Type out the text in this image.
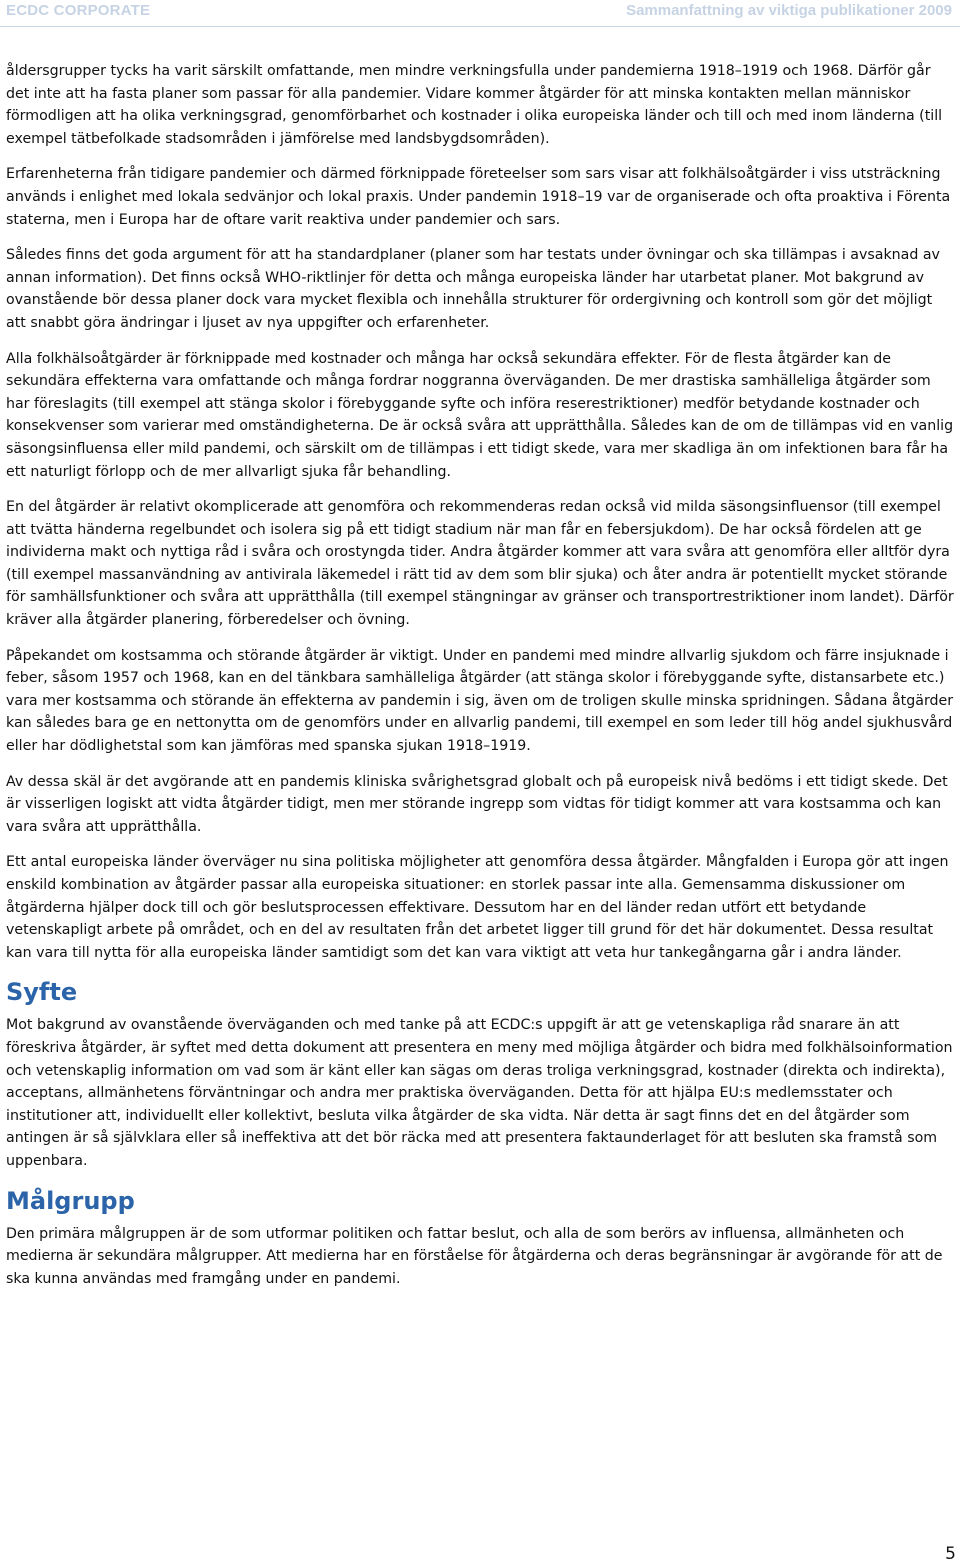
ECDC CORPORATE	Sammanfattning av viktiga publikationer 2009

åldersgrupper tycks ha varit särskilt omfattande, men mindre verkningsfulla under pandemierna 1918–1919 och 1968. Därför går det inte att ha fasta planer som passar för alla pandemier. Vidare kommer åtgärder för att minska kontakten mellan människor förmodligen att ha olika verkningsgrad, genomförbarhet och kostnader i olika europeiska länder och till och med inom länderna (till exempel tätbefolkade stadsområden i jämförelse med landsbygdsområden).

Erfarenheterna från tidigare pandemier och därmed förknippade företeelser som sars visar att folkhälsoåtgärder i viss utsträckning används i enlighet med lokala sedvänjor och lokal praxis. Under pandemin 1918–19 var de organiserade och ofta proaktiva i Förenta staterna, men i Europa har de oftare varit reaktiva under pandemier och sars.

Således finns det goda argument för att ha standardplaner (planer som har testats under övningar och ska tillämpas i avsaknad av annan information). Det finns också WHO-riktlinjer för detta och många europeiska länder har utarbetat planer. Mot bakgrund av ovanstående bör dessa planer dock vara mycket flexibla och innehålla strukturer för ordergivning och kontroll som gör det möjligt att snabbt göra ändringar i ljuset av nya uppgifter och erfarenheter.

Alla folkhälsoåtgärder är förknippade med kostnader och många har också sekundära effekter. För de flesta åtgärder kan de sekundära effekterna vara omfattande och många fordrar noggranna överväganden. De mer drastiska samhälleliga åtgärder som har föreslagits (till exempel att stänga skolor i förebyggande syfte och införa reserestriktioner) medför betydande kostnader och konsekvenser som varierar med omständigheterna. De är också svåra att upprätthålla. Således kan de om de tillämpas vid en vanlig säsongsinfluensa eller mild pandemi, och särskilt om de tillämpas i ett tidigt skede, vara mer skadliga än om infektionen bara får ha ett naturligt förlopp och de mer allvarligt sjuka får behandling.

En del åtgärder är relativt okomplicerade att genomföra och rekommenderas redan också vid milda säsongsinfluensor (till exempel att tvätta händerna regelbundet och isolera sig på ett tidigt stadium när man får en febersjukdom). De har också fördelen att ge individerna makt och nyttiga råd i svåra och orostyngda tider. Andra åtgärder kommer att vara svåra att genomföra eller alltför dyra (till exempel massanvändning av antivirala läkemedel i rätt tid av dem som blir sjuka) och åter andra är potentiellt mycket störande för samhällsfunktioner och svåra att upprätthålla (till exempel stängningar av gränser och transportrestriktioner inom landet). Därför kräver alla åtgärder planering, förberedelser och övning.

Påpekandet om kostsamma och störande åtgärder är viktigt. Under en pandemi med mindre allvarlig sjukdom och färre insjuknade i feber, såsom 1957 och 1968, kan en del tänkbara samhälleliga åtgärder (att stänga skolor i förebyggande syfte, distansarbete etc.) vara mer kostsamma och störande än effekterna av pandemin i sig, även om de troligen skulle minska spridningen. Sådana åtgärder kan således bara ge en nettonytta om de genomförs under en allvarlig pandemi, till exempel en som leder till hög andel sjukhusvård eller har dödlighetstal som kan jämföras med spanska sjukan 1918–1919.

Av dessa skäl är det avgörande att en pandemis kliniska svårighetsgrad globalt och på europeisk nivå bedöms i ett tidigt skede. Det är visserligen logiskt att vidta åtgärder tidigt, men mer störande ingrepp som vidtas för tidigt kommer att vara kostsamma och kan vara svåra att upprätthålla.

Ett antal europeiska länder överväger nu sina politiska möjligheter att genomföra dessa åtgärder. Mångfalden i Europa gör att ingen enskild kombination av åtgärder passar alla europeiska situationer: en storlek passar inte alla. Gemensamma diskussioner om åtgärderna hjälper dock till och gör beslutsprocessen effektivare. Dessutom har en del länder redan utfört ett betydande vetenskapligt arbete på området, och en del av resultaten från det arbetet ligger till grund för det här dokumentet. Dessa resultat kan vara till nytta för alla europeiska länder samtidigt som det kan vara viktigt att veta hur tankegångarna går i andra länder.

Syfte

Mot bakgrund av ovanstående överväganden och med tanke på att ECDC:s uppgift är att ge vetenskapliga råd snarare än att föreskriva åtgärder, är syftet med detta dokument att presentera en meny med möjliga åtgärder och bidra med folkhälsoinformation och vetenskaplig information om vad som är känt eller kan sägas om deras troliga verkningsgrad, kostnader (direkta och indirekta), acceptans, allmänhetens förväntningar och andra mer praktiska överväganden. Detta för att hjälpa EU:s medlemsstater och institutioner att, individuellt eller kollektivt, besluta vilka åtgärder de ska vidta. När detta är sagt finns det en del åtgärder som antingen är så självklara eller så ineffektiva att det bör räcka med att presentera faktaunderlaget för att besluten ska framstå som uppenbara.

Målgrupp

Den primära målgruppen är de som utformar politiken och fattar beslut, och alla de som berörs av influensa, allmänheten och medierna är sekundära målgrupper. Att medierna har en förståelse för åtgärderna och deras begränsningar är avgörande för att de ska kunna användas med framgång under en pandemi.

5
